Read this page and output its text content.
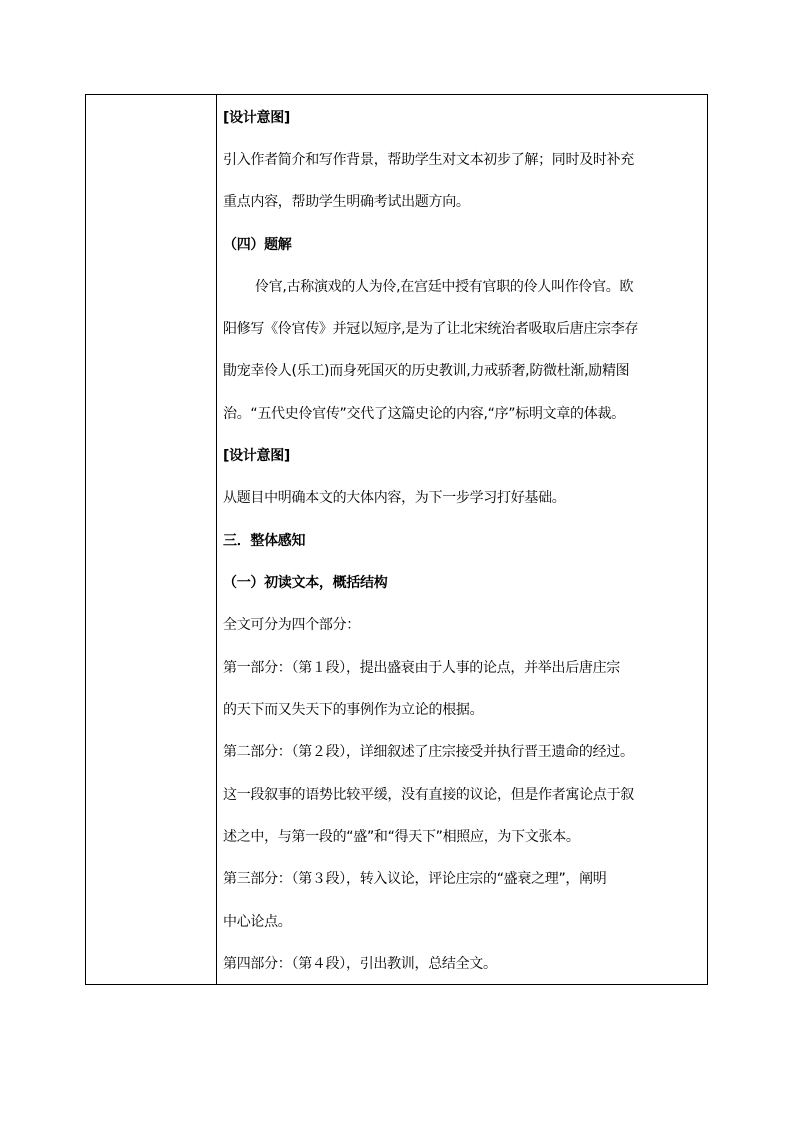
[设计意图]
引入作者简介和写作背景，帮助学生对文本初步了解；同时及时补充
重点内容，帮助学生明确考试出题方向。
（四）题解
伶官,古称演戏的人为伶,在宫廷中授有官职的伶人叫作伶官。欧
阳修写《伶官传》并冠以短序,是为了让北宋统治者吸取后唐庄宗李存
勖宠幸伶人(乐工)而身死国灭的历史教训,力戒骄奢,防微杜渐,励精图
治。“五代史伶官传”交代了这篇史论的内容,“序”标明文章的体裁。
[设计意图]
从题目中明确本文的大体内容，为下一步学习打好基础。
三．整体感知
（一）初读文本，概括结构
全文可分为四个部分：
第一部分：（第１段），提出盛衰由于人事的论点，并举出后唐庄宗
的天下而又失天下的事例作为立论的根据。
第二部分：（第２段），详细叙述了庄宗接受并执行晋王遗命的经过。
这一段叙事的语势比较平缓，没有直接的议论，但是作者寓论点于叙
述之中，与第一段的“盛”和“得天下”相照应，为下文张本。
第三部分：（第３段），转入议论，评论庄宗的“盛衰之理”，阐明
中心论点。
第四部分：（第４段），引出教训，总结全文。
